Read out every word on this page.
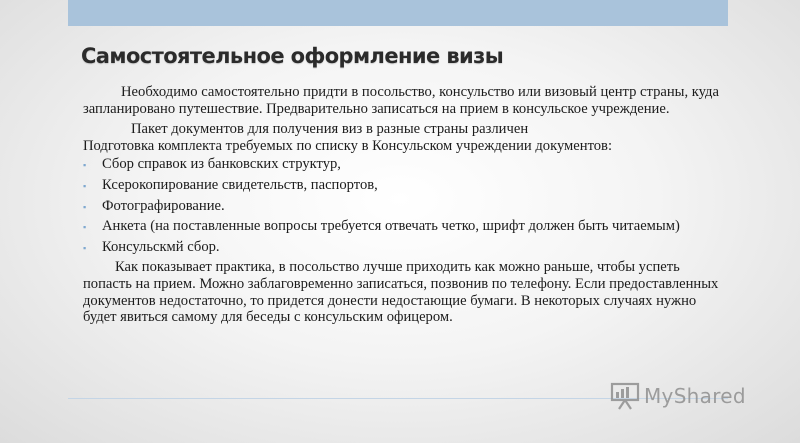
Самостоятельное оформление визы

Необходимо самостоятельно придти в посольство, консульство или визовый центр страны, куда запланировано путешествие. Предварительно записаться на прием в консульское учреждение.

Пакет документов для получения виз в разные страны различен
Подготовка комплекта требуемых по списку в Консульском учреждении документов:

▪ Сбор справок из банковских структур,
▪ Ксерокопирование свидетельств, паспортов,
▪ Фотографирование.
▪ Анкета (на поставленные вопросы требуется отвечать четко, шрифт должен быть читаемым)
▪ Консульскмй сбор.

Как показывает практика, в посольство лучше приходить как можно раньше, чтобы успеть попасть на прием. Можно заблаговременно записаться, позвонив по телефону. Если предоставленных документов недостаточно, то придется донести недостающие бумаги. В некоторых случаях нужно будет явиться самому для беседы с консульским офицером.

MyShared
